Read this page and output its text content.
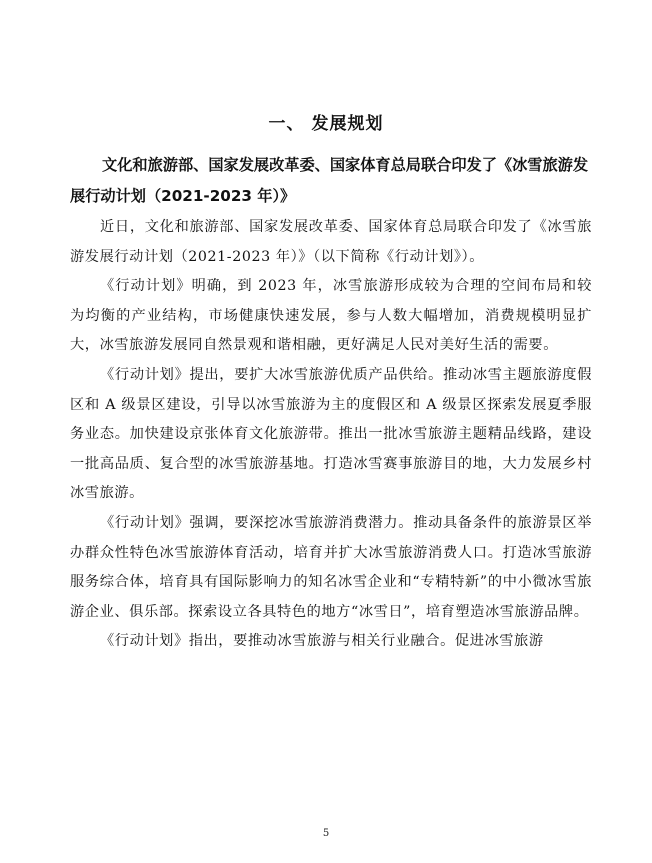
一、 发展规划
文化和旅游部、国家发展改革委、国家体育总局联合印发了《冰雪旅游发展行动计划（2021-2023 年）》

近日，文化和旅游部、国家发展改革委、国家体育总局联合印发了《冰雪旅游发展行动计划（2021-2023 年）》（以下简称《行动计划》）。

《行动计划》明确，到 2023 年，冰雪旅游形成较为合理的空间布局和较为均衡的产业结构，市场健康快速发展，参与人数大幅增加，消费规模明显扩大，冰雪旅游发展同自然景观和谐相融，更好满足人民对美好生活的需要。

《行动计划》提出，要扩大冰雪旅游优质产品供给。推动冰雪主题旅游度假区和 A 级景区建设，引导以冰雪旅游为主的度假区和 A 级景区探索发展夏季服务业态。加快建设京张体育文化旅游带。推出一批冰雪旅游主题精品线路，建设一批高品质、复合型的冰雪旅游基地。打造冰雪赛事旅游目的地，大力发展乡村冰雪旅游。

《行动计划》强调，要深挖冰雪旅游消费潜力。推动具备条件的旅游景区举办群众性特色冰雪旅游体育活动，培育并扩大冰雪旅游消费人口。打造冰雪旅游服务综合体，培育具有国际影响力的知名冰雪企业和“专精特新”的中小微冰雪旅游企业、俱乐部。探索设立各具特色的地方“冰雪日”，培育塑造冰雪旅游品牌。

《行动计划》指出，要推动冰雪旅游与相关行业融合。促进冰雪旅游

5
